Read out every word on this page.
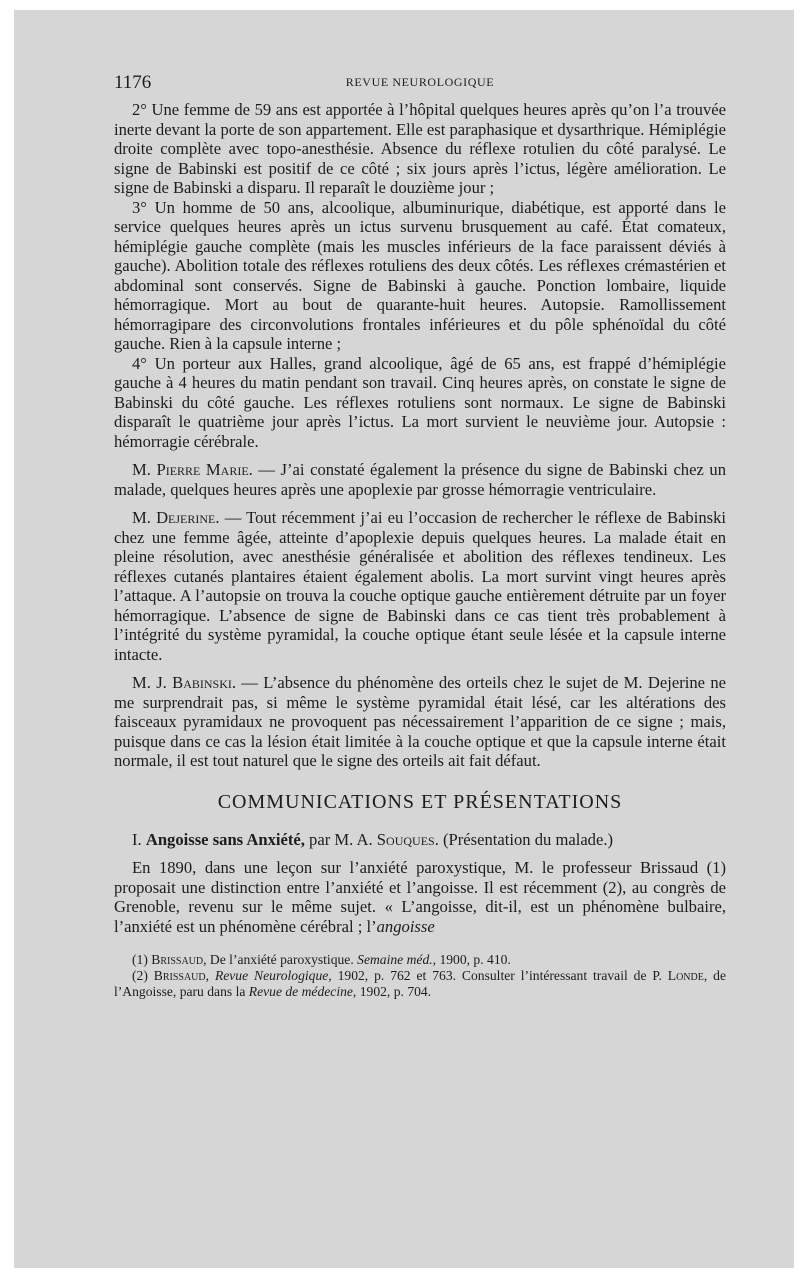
1176	REVUE NEUROLOGIQUE

2° Une femme de 59 ans est apportée à l’hôpital quelques heures après qu’on l’a trouvée inerte devant la porte de son appartement. Elle est paraphasique et dysarthrique. Hémiplégie droite complète avec topo-anesthésie. Absence du réflexe rotulien du côté paralysé. Le signe de Babinski est positif de ce côté ; six jours après l’ictus, légère amélioration. Le signe de Babinski a disparu. Il reparaît le douzième jour ;

3° Un homme de 50 ans, alcoolique, albuminurique, diabétique, est apporté dans le service quelques heures après un ictus survenu brusquement au café. État comateux, hémiplégie gauche complète (mais les muscles inférieurs de la face paraissent déviés à gauche). Abolition totale des réflexes rotuliens des deux côtés. Les réflexes crémastérien et abdominal sont conservés. Signe de Babinski à gauche. Ponction lombaire, liquide hémorragique. Mort au bout de quarante-huit heures. Autopsie. Ramollissement hémorragipare des circonvolutions frontales inférieures et du pôle sphénoïdal du côté gauche. Rien à la capsule interne ;

4° Un porteur aux Halles, grand alcoolique, âgé de 65 ans, est frappé d’hémiplégie gauche à 4 heures du matin pendant son travail. Cinq heures après, on constate le signe de Babinski du côté gauche. Les réflexes rotuliens sont normaux. Le signe de Babinski disparaît le quatrième jour après l’ictus. La mort survient le neuvième jour. Autopsie : hémorragie cérébrale.

M. Pierre Marie. — J’ai constaté également la présence du signe de Babinski chez un malade, quelques heures après une apoplexie par grosse hémorragie ventriculaire.

M. Dejerine. — Tout récemment j’ai eu l’occasion de rechercher le réflexe de Babinski chez une femme âgée, atteinte d’apoplexie depuis quelques heures. La malade était en pleine résolution, avec anesthésie généralisée et abolition des réflexes tendineux. Les réflexes cutanés plantaires étaient également abolis. La mort survint vingt heures après l’attaque. A l’autopsie on trouva la couche optique gauche entièrement détruite par un foyer hémorragique. L’absence de signe de Babinski dans ce cas tient très probablement à l’intégrité du système pyramidal, la couche optique étant seule lésée et la capsule interne intacte.

M. J. Babinski. — L’absence du phénomène des orteils chez le sujet de M. Dejerine ne me surprendrait pas, si même le système pyramidal était lésé, car les altérations des faisceaux pyramidaux ne provoquent pas nécessairement l’apparition de ce signe ; mais, puisque dans ce cas la lésion était limitée à la couche optique et que la capsule interne était normale, il est tout naturel que le signe des orteils ait fait défaut.

COMMUNICATIONS ET PRÉSENTATIONS

I. Angoisse sans Anxiété, par M. A. Souques. (Présentation du malade.)

En 1890, dans une leçon sur l’anxiété paroxystique, M. le professeur Brissaud (1) proposait une distinction entre l’anxiété et l’angoisse. Il est récemment (2), au congrès de Grenoble, revenu sur le même sujet. « L’angoisse, dit-il, est un phénomène bulbaire, l’anxiété est un phénomène cérébral ; l’angoisse

(1) Brissaud, De l’anxiété paroxystique. Semaine méd., 1900, p. 410.

(2) Brissaud, Revue Neurologique, 1902, p. 762 et 763. Consulter l’intéressant travail de P. Londe, de l’Angoisse, paru dans la Revue de médecine, 1902, p. 704.
